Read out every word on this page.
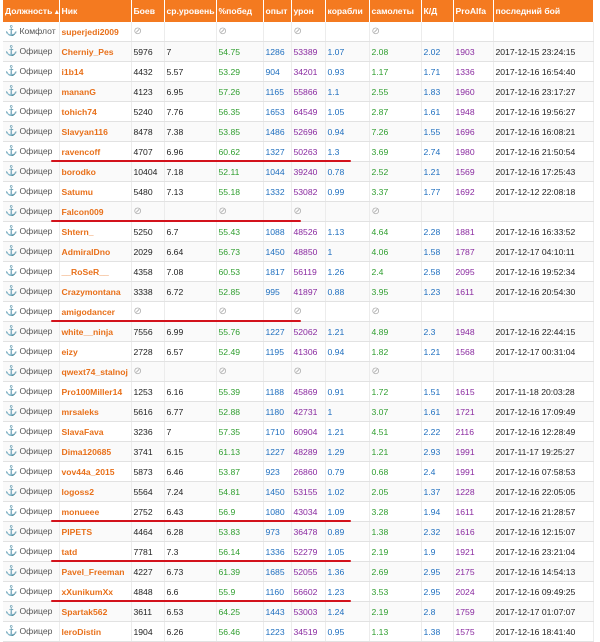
Должность▲	Ник	Боев	ср.уровень	%побед	опыт	урон	корабли	самолеты	К/Д	ProAlfa	последний бой
⚓ Комфлот	superjedi2009	⊘		⊘		⊘		⊘			
⚓ Офицер	Cherniy_Pes	5976	7	54.75	1286	53389	1.07	2.08	2.02	1903	2017-12-15 23:24:15
⚓ Офицер	i1b14	4432	5.57	53.29	904	34201	0.93	1.17	1.71	1336	2017-12-16 16:54:40
⚓ Офицер	mananG	4123	6.95	57.26	1165	55866	1.1	2.55	1.83	1960	2017-12-16 23:17:27
⚓ Офицер	tohich74	5240	7.76	56.35	1653	64549	1.05	2.87	1.61	1948	2017-12-16 19:56:27
⚓ Офицер	Slavyan116	8478	7.38	53.85	1486	52696	0.94	7.26	1.55	1696	2017-12-16 16:08:21
⚓ Офицер	ravencoff	4707	6.96	60.62	1327	50263	1.3	3.69	2.74	1980	2017-12-16 21:50:54
⚓ Офицер	borodko	10404	7.18	52.11	1044	39240	0.78	2.52	1.21	1569	2017-12-16 17:25:43
⚓ Офицер	Satumu	5480	7.13	55.18	1332	53082	0.99	3.37	1.77	1692	2017-12-12 22:08:18
⚓ Офицер	Falcon009	⊘		⊘		⊘		⊘			
⚓ Офицер	Shtern_	5250	6.7	55.43	1088	48526	1.13	4.64	2.28	1881	2017-12-16 16:33:52
⚓ Офицер	AdmiralDno	2029	6.64	56.73	1450	48850	1	4.06	1.58	1787	2017-12-17 04:10:11
⚓ Офицер	__RoSeR__	4358	7.08	60.53	1817	56119	1.26	2.4	2.58	2095	2017-12-16 19:52:34
⚓ Офицер	Crazymontana	3338	6.72	52.85	995	41897	0.88	3.95	1.23	1611	2017-12-16 20:54:30
⚓ Офицер	amigodancer	⊘		⊘		⊘		⊘			
⚓ Офицер	white__ninja	7556	6.99	55.76	1227	52062	1.21	4.89	2.3	1948	2017-12-16 22:44:15
⚓ Офицер	eizy	2728	6.57	52.49	1195	41306	0.94	1.82	1.21	1568	2017-12-17 00:31:04
⚓ Офицер	qwext74_stalnoj	⊘		⊘		⊘		⊘			
⚓ Офицер	Pro100Miller14	1253	6.16	55.39	1188	45869	0.91	1.72	1.51	1615	2017-11-18 20:03:28
⚓ Офицер	mrsaleks	5616	6.77	52.88	1180	42731	1	3.07	1.61	1721	2017-12-16 17:09:49
⚓ Офицер	SlavaFava	3236	7	57.35	1710	60904	1.21	4.51	2.22	2116	2017-12-16 12:28:49
⚓ Офицер	Dima120685	3741	6.15	61.13	1227	48289	1.29	1.21	2.93	1991	2017-11-17 19:25:27
⚓ Офицер	vov44a_2015	5873	6.46	53.87	923	26860	0.79	0.68	2.4	1991	2017-12-16 07:58:53
⚓ Офицер	logoss2	5564	7.24	54.81	1450	53155	1.02	2.05	1.37	1228	2017-12-16 22:05:05
⚓ Офицер	monueee	2752	6.43	56.9	1080	43034	1.09	3.28	1.94	1611	2017-12-16 21:28:57
⚓ Офицер	PIPETS	4464	6.28	53.83	973	36478	0.89	1.38	2.32	1616	2017-12-16 12:15:07
⚓ Офицер	tatd	7781	7.3	56.14	1336	52279	1.05	2.19	1.9	1921	2017-12-16 23:21:04
⚓ Офицер	Pavel_Freeman	4227	6.73	61.39	1685	52055	1.36	2.69	2.95	2175	2017-12-16 14:54:13
⚓ Офицер	xXunikumXx	4848	6.6	55.9	1160	56602	1.23	3.53	2.95	2024	2017-12-16 09:49:25
⚓ Офицер	Spartak562	3611	6.53	64.25	1443	53003	1.24	2.19	2.8	1759	2017-12-17 01:07:07
⚓ Офицер	leroDistin	1904	6.26	56.46	1223	34519	0.95	1.13	1.38	1575	2017-12-16 18:41:40
